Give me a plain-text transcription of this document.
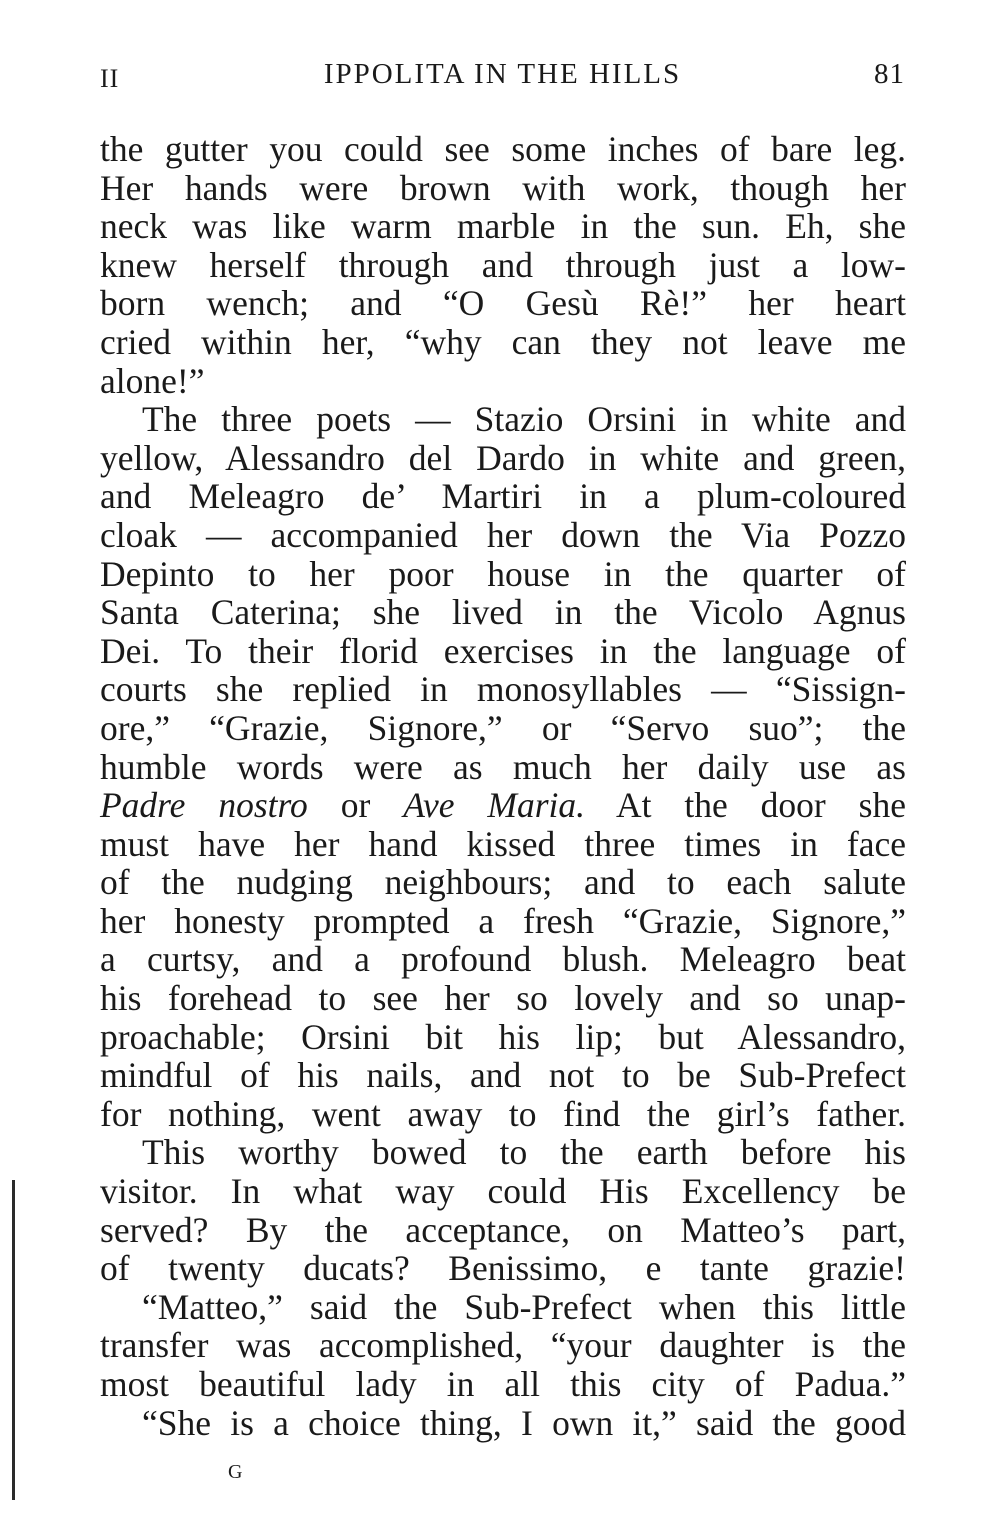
II	IPPOLITA IN THE HILLS	81
the gutter you could see some inches of bare leg.
Her hands were brown with work, though her
neck was like warm marble in the sun. Eh, she
knew herself through and through just a low-
born wench; and “O Gesù Rè!” her heart
cried within her, “why can they not leave me
alone!”
The three poets — Stazio Orsini in white and
yellow, Alessandro del Dardo in white and green,
and Meleagro de’ Martiri in a plum-coloured
cloak — accompanied her down the Via Pozzo
Depinto to her poor house in the quarter of
Santa Caterina; she lived in the Vicolo Agnus
Dei. To their florid exercises in the language of
courts she replied in monosyllables — “Sissign-
ore,” “Grazie, Signore,” or “Servo suo”; the
humble words were as much her daily use as
Padre nostro or Ave Maria. At the door she
must have her hand kissed three times in face
of the nudging neighbours; and to each salute
her honesty prompted a fresh “Grazie, Signore,”
a curtsy, and a profound blush. Meleagro beat
his forehead to see her so lovely and so unap-
proachable; Orsini bit his lip; but Alessandro,
mindful of his nails, and not to be Sub-Prefect
for nothing, went away to find the girl’s father.
This worthy bowed to the earth before his
visitor. In what way could His Excellency be
served? By the acceptance, on Matteo’s part,
of twenty ducats? Benissimo, e tante grazie!
“Matteo,” said the Sub-Prefect when this little
transfer was accomplished, “your daughter is the
most beautiful lady in all this city of Padua.”
“She is a choice thing, I own it,” said the good
G
